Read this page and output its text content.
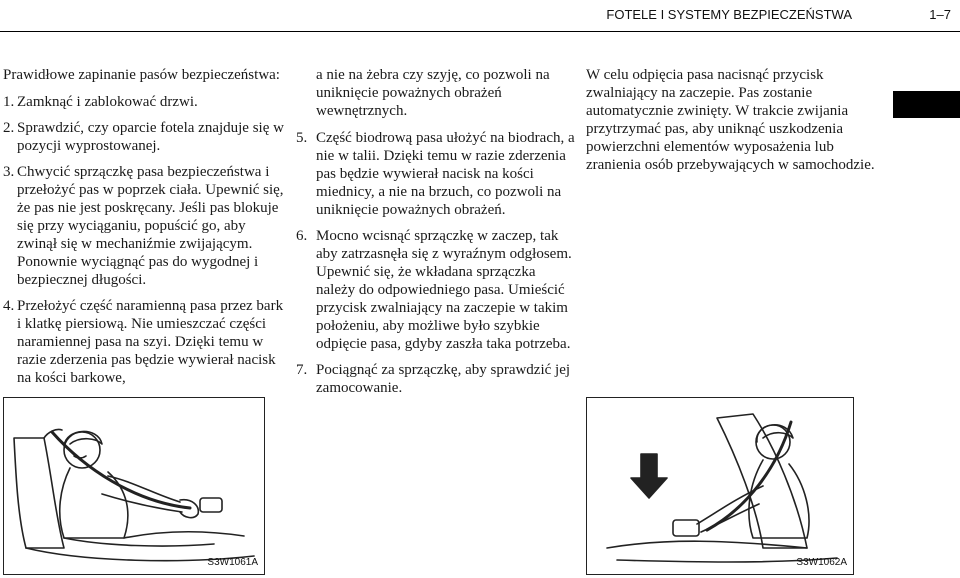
FOTELE I SYSTEMY BEZPIECZEŃSTWA	1–7

Prawidłowe zapinanie pasów bezpieczeństwa:

1. Zamknąć i zablokować drzwi.

2. Sprawdzić, czy oparcie fotela znajduje się w pozycji wyprostowanej.

3. Chwycić sprzączkę pasa bezpieczeństwa i przełożyć pas w poprzek ciała. Upewnić się, że pas nie jest poskręcany. Jeśli pas blokuje się przy wyciąganiu, popuścić go, aby zwinął się w mechaniźmie zwijającym. Ponownie wyciągnąć pas do wygodnej i bezpiecznej długości.

4. Przełożyć część naramienną pasa przez bark i klatkę piersiową. Nie umieszczać części naramiennej pasa na szyi. Dzięki temu w razie zderzenia pas będzie wywierał nacisk na kości barkowe,

a nie na żebra czy szyję, co pozwoli na uniknięcie poważnych obrażeń wewnętrznych.

5. Część biodrową pasa ułożyć na biodrach, a nie w talii. Dzięki temu w razie zderzenia pas będzie wywierał nacisk na kości miednicy, a nie na brzuch, co pozwoli na uniknięcie poważnych obrażeń.

6. Mocno wcisnąć sprzączkę w zaczep, tak aby zatrzasnęła się z wyraźnym odgłosem. Upewnić się, że wkładana sprzączka należy do odpowiedniego pasa. Umieścić przycisk zwalniający na zaczepie w takim położeniu, aby możliwe było szybkie odpięcie pasa, gdyby zaszła taka potrzeba.

7. Pociągnąć za sprzączkę, aby sprawdzić jej zamocowanie.

W celu odpięcia pasa nacisnąć przycisk zwalniający na zaczepie. Pas zostanie automatycznie zwinięty. W trakcie zwijania przytrzymać pas, aby uniknąć uszkodzenia powierzchni elementów wyposażenia lub zranienia osób przebywających w samochodzie.

S3W1061A	S3W1062A
